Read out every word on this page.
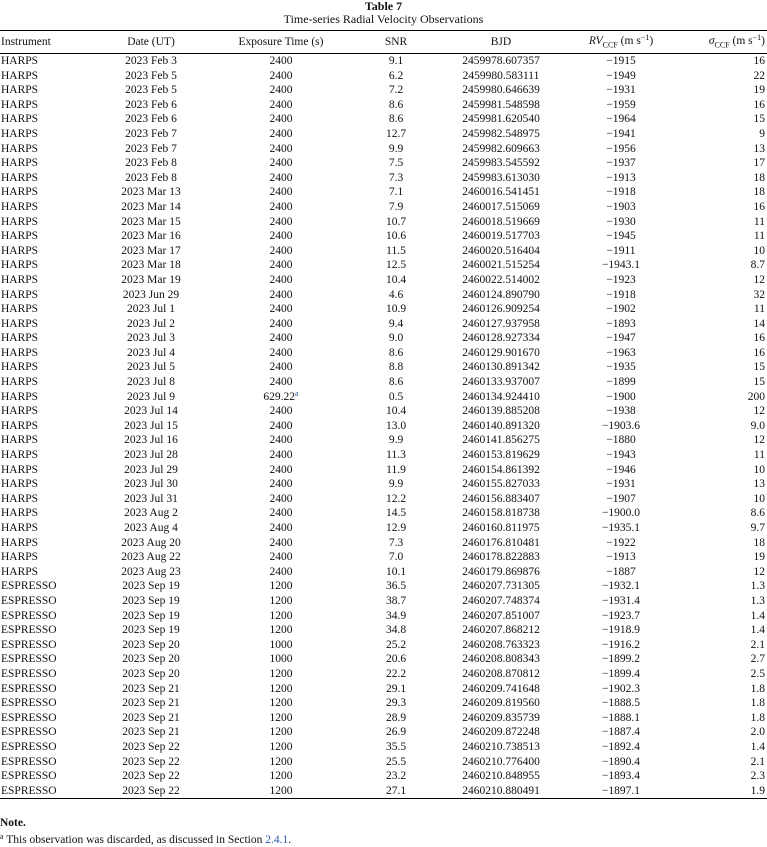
Table 7
Time-series Radial Velocity Observations
Instrument	Date (UT)	Exposure Time (s)	SNR	BJD	$RV_{CCF}$ (m $s^{-1}$)	$\sigma_{CCF}$ (m $s^{-1}$)
HARPS	2023 Feb 3	2400	9.1	2459978.607357	−1915	16
HARPS	2023 Feb 5	2400	6.2	2459980.583111	−1949	22
HARPS	2023 Feb 5	2400	7.2	2459980.646639	−1931	19
HARPS	2023 Feb 6	2400	8.6	2459981.548598	−1959	16
HARPS	2023 Feb 6	2400	8.6	2459981.620540	−1964	15
HARPS	2023 Feb 7	2400	12.7	2459982.548975	−1941	9
HARPS	2023 Feb 7	2400	9.9	2459982.609663	−1956	13
HARPS	2023 Feb 8	2400	7.5	2459983.545592	−1937	17
HARPS	2023 Feb 8	2400	7.3	2459983.613030	−1913	18
HARPS	2023 Mar 13	2400	7.1	2460016.541451	−1918	18
HARPS	2023 Mar 14	2400	7.9	2460017.515069	−1903	16
HARPS	2023 Mar 15	2400	10.7	2460018.519669	−1930	11
HARPS	2023 Mar 16	2400	10.6	2460019.517703	−1945	11
HARPS	2023 Mar 17	2400	11.5	2460020.516404	−1911	10
HARPS	2023 Mar 18	2400	12.5	2460021.515254	−1943.1	8.7
HARPS	2023 Mar 19	2400	10.4	2460022.514002	−1923	12
HARPS	2023 Jun 29	2400	4.6	2460124.890790	−1918	32
HARPS	2023 Jul 1	2400	10.9	2460126.909254	−1902	11
HARPS	2023 Jul 2	2400	9.4	2460127.937958	−1893	14
HARPS	2023 Jul 3	2400	9.0	2460128.927334	−1947	16
HARPS	2023 Jul 4	2400	8.6	2460129.901670	−1963	16
HARPS	2023 Jul 5	2400	8.8	2460130.891342	−1935	15
HARPS	2023 Jul 8	2400	8.6	2460133.937007	−1899	15
HARPS	2023 Jul 9	629.22$^a$	0.5	2460134.924410	−1900	200
HARPS	2023 Jul 14	2400	10.4	2460139.885208	−1938	12
HARPS	2023 Jul 15	2400	13.0	2460140.891320	−1903.6	9.0
HARPS	2023 Jul 16	2400	9.9	2460141.856275	−1880	12
HARPS	2023 Jul 28	2400	11.3	2460153.819629	−1943	11
HARPS	2023 Jul 29	2400	11.9	2460154.861392	−1946	10
HARPS	2023 Jul 30	2400	9.9	2460155.827033	−1931	13
HARPS	2023 Jul 31	2400	12.2	2460156.883407	−1907	10
HARPS	2023 Aug 2	2400	14.5	2460158.818738	−1900.0	8.6
HARPS	2023 Aug 4	2400	12.9	2460160.811975	−1935.1	9.7
HARPS	2023 Aug 20	2400	7.3	2460176.810481	−1922	18
HARPS	2023 Aug 22	2400	7.0	2460178.822883	−1913	19
HARPS	2023 Aug 23	2400	10.1	2460179.869876	−1887	12
ESPRESSO	2023 Sep 19	1200	36.5	2460207.731305	−1932.1	1.3
ESPRESSO	2023 Sep 19	1200	38.7	2460207.748374	−1931.4	1.3
ESPRESSO	2023 Sep 19	1200	34.9	2460207.851007	−1923.7	1.4
ESPRESSO	2023 Sep 19	1200	34.8	2460207.868212	−1918.9	1.4
ESPRESSO	2023 Sep 20	1000	25.2	2460208.763323	−1916.2	2.1
ESPRESSO	2023 Sep 20	1000	20.6	2460208.808343	−1899.2	2.7
ESPRESSO	2023 Sep 20	1200	22.2	2460208.870812	−1899.4	2.5
ESPRESSO	2023 Sep 21	1200	29.1	2460209.741648	−1902.3	1.8
ESPRESSO	2023 Sep 21	1200	29.3	2460209.819560	−1888.5	1.8
ESPRESSO	2023 Sep 21	1200	28.9	2460209.835739	−1888.1	1.8
ESPRESSO	2023 Sep 21	1200	26.9	2460209.872248	−1887.4	2.0
ESPRESSO	2023 Sep 22	1200	35.5	2460210.738513	−1892.4	1.4
ESPRESSO	2023 Sep 22	1200	25.5	2460210.776400	−1890.4	2.1
ESPRESSO	2023 Sep 22	1200	23.2	2460210.848955	−1893.4	2.3
ESPRESSO	2023 Sep 22	1200	27.1	2460210.880491	−1897.1	1.9
Note.
$^a$ This observation was discarded, as discussed in Section 2.4.1.
